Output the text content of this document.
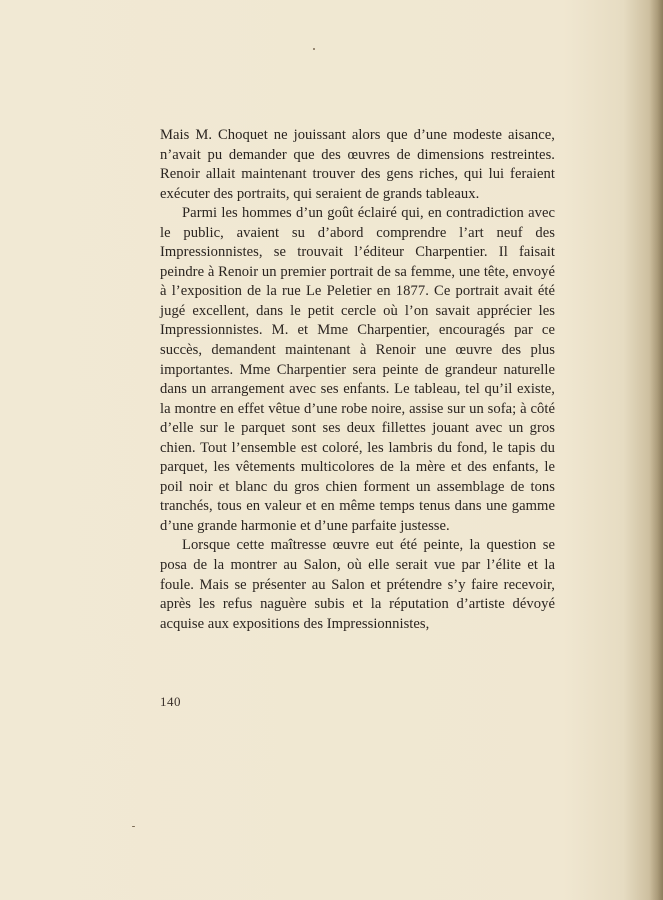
Mais M. Choquet ne jouissant alors que d’une modeste aisance, n’avait pu demander que des œuvres de dimensions restreintes. Renoir allait maintenant trouver des gens riches, qui lui feraient exécuter des portraits, qui seraient de grands tableaux.

Parmi les hommes d’un goût éclairé qui, en contradiction avec le public, avaient su d’abord comprendre l’art neuf des Impressionnistes, se trouvait l’éditeur Charpentier. Il faisait peindre à Renoir un premier portrait de sa femme, une tête, envoyé à l’exposition de la rue Le Peletier en 1877. Ce portrait avait été jugé excellent, dans le petit cercle où l’on savait apprécier les Impressionnistes. M. et Mme Charpentier, encouragés par ce succès, demandent maintenant à Renoir une œuvre des plus importantes. Mme Charpentier sera peinte de grandeur naturelle dans un arrangement avec ses enfants. Le tableau, tel qu’il existe, la montre en effet vêtue d’une robe noire, assise sur un sofa; à côté d’elle sur le parquet sont ses deux fillettes jouant avec un gros chien. Tout l’ensemble est coloré, les lambris du fond, le tapis du parquet, les vêtements multicolores de la mère et des enfants, le poil noir et blanc du gros chien forment un assemblage de tons tranchés, tous en valeur et en même temps tenus dans une gamme d’une grande harmonie et d’une parfaite justesse.

Lorsque cette maîtresse œuvre eut été peinte, la question se posa de la montrer au Salon, où elle serait vue par l’élite et la foule. Mais se présenter au Salon et prétendre s’y faire recevoir, après les refus naguère subis et la réputation d’artiste dévoyé acquise aux expositions des Impressionnistes,

140
